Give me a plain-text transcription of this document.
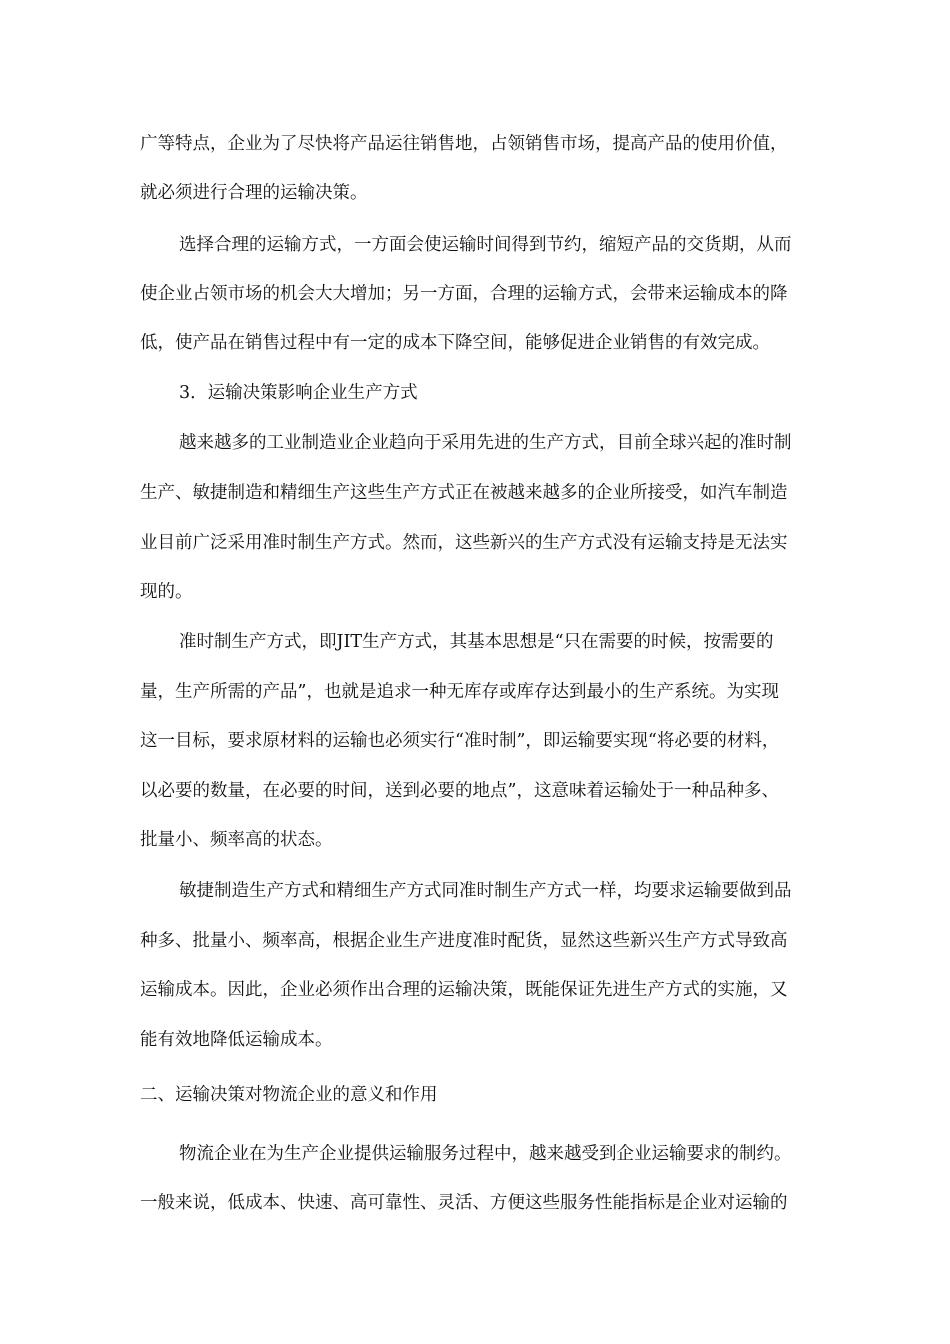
广等特点，企业为了尽快将产品运往销售地，占领销售市场，提高产品的使用价值，
就必须进行合理的运输决策。
选择合理的运输方式，一方面会使运输时间得到节约，缩短产品的交货期，从而
使企业占领市场的机会大大增加；另一方面，合理的运输方式，会带来运输成本的降
低，使产品在销售过程中有一定的成本下降空间，能够促进企业销售的有效完成。
3．运输决策影响企业生产方式
越来越多的工业制造业企业趋向于采用先进的生产方式，目前全球兴起的准时制
生产、敏捷制造和精细生产这些生产方式正在被越来越多的企业所接受，如汽车制造
业目前广泛采用准时制生产方式。然而，这些新兴的生产方式没有运输支持是无法实
现的。
准时制生产方式，即JIT生产方式，其基本思想是“只在需要的时候，按需要的
量，生产所需的产品”，也就是追求一种无库存或库存达到最小的生产系统。为实现
这一目标，要求原材料的运输也必须实行“准时制”，即运输要实现“将必要的材料，
以必要的数量，在必要的时间，送到必要的地点”，这意味着运输处于一种品种多、
批量小、频率高的状态。
敏捷制造生产方式和精细生产方式同准时制生产方式一样，均要求运输要做到品
种多、批量小、频率高，根据企业生产进度准时配货，显然这些新兴生产方式导致高
运输成本。因此，企业必须作出合理的运输决策，既能保证先进生产方式的实施，又
能有效地降低运输成本。
二、运输决策对物流企业的意义和作用
物流企业在为生产企业提供运输服务过程中，越来越受到企业运输要求的制约。
一般来说，低成本、快速、高可靠性、灵活、方便这些服务性能指标是企业对运输的
